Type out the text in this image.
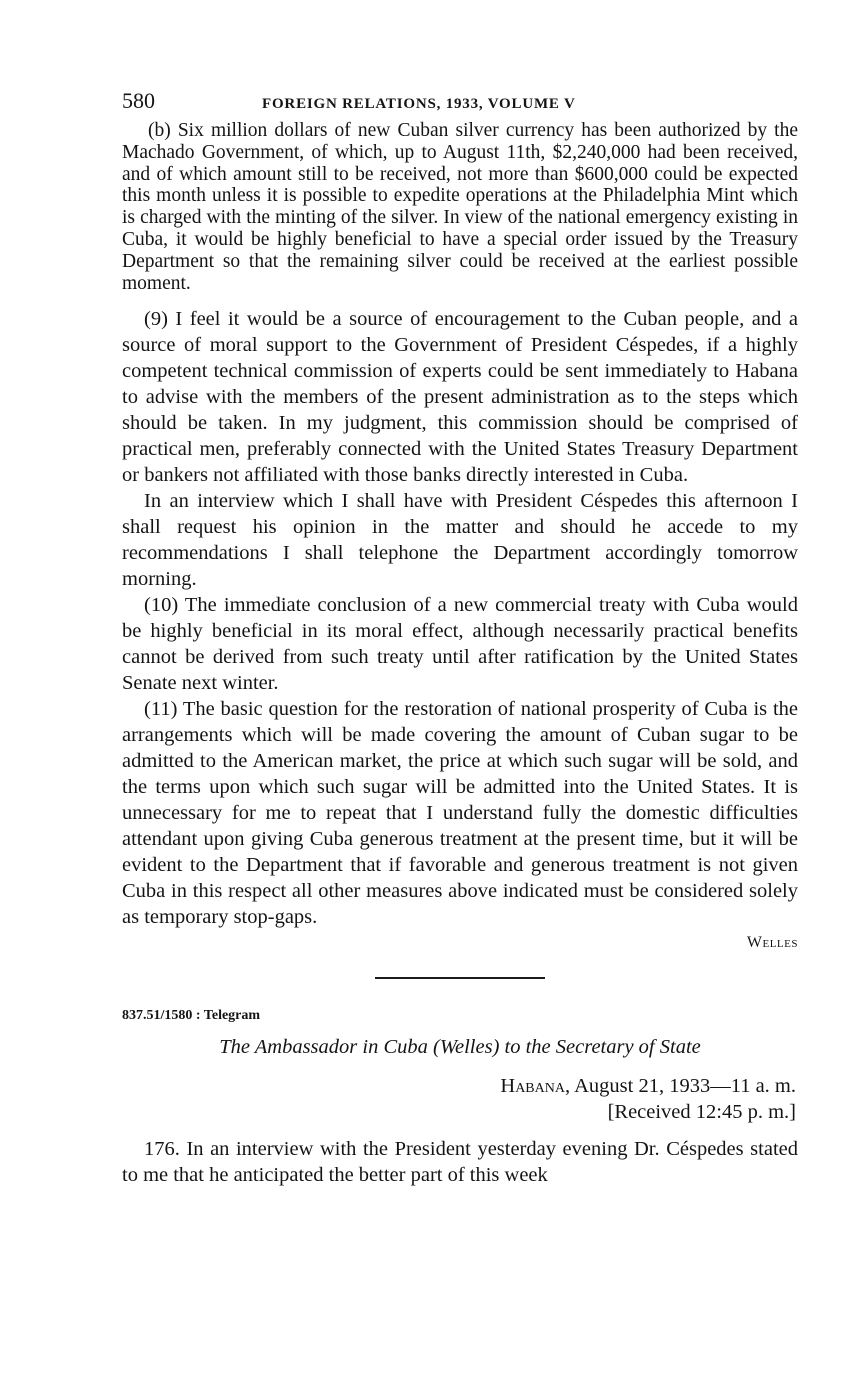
580	FOREIGN RELATIONS, 1933, VOLUME V

(b) Six million dollars of new Cuban silver currency has been authorized by the Machado Government, of which, up to August 11th, $2,240,000 had been received, and of which amount still to be received, not more than $600,000 could be expected this month unless it is possible to expedite operations at the Philadelphia Mint which is charged with the minting of the silver. In view of the national emergency existing in Cuba, it would be highly beneficial to have a special order issued by the Treasury Department so that the remaining silver could be received at the earliest possible moment.

(9) I feel it would be a source of encouragement to the Cuban people, and a source of moral support to the Government of President Céspedes, if a highly competent technical commission of experts could be sent immediately to Habana to advise with the members of the present administration as to the steps which should be taken. In my judgment, this commission should be comprised of practical men, preferably connected with the United States Treasury Department or bankers not affiliated with those banks directly interested in Cuba.

In an interview which I shall have with President Céspedes this afternoon I shall request his opinion in the matter and should he accede to my recommendations I shall telephone the Department accordingly tomorrow morning.

(10) The immediate conclusion of a new commercial treaty with Cuba would be highly beneficial in its moral effect, although necessarily practical benefits cannot be derived from such treaty until after ratification by the United States Senate next winter.

(11) The basic question for the restoration of national prosperity of Cuba is the arrangements which will be made covering the amount of Cuban sugar to be admitted to the American market, the price at which such sugar will be sold, and the terms upon which such sugar will be admitted into the United States. It is unnecessary for me to repeat that I understand fully the domestic difficulties attendant upon giving Cuba generous treatment at the present time, but it will be evident to the Department that if favorable and generous treatment is not given Cuba in this respect all other measures above indicated must be considered solely as temporary stop-gaps.

Welles
837.51/1580 : Telegram
The Ambassador in Cuba (Welles) to the Secretary of State
Habana, August 21, 1933—11 a. m.
[Received 12:45 p. m.]

176. In an interview with the President yesterday evening Dr. Céspedes stated to me that he anticipated the better part of this week
